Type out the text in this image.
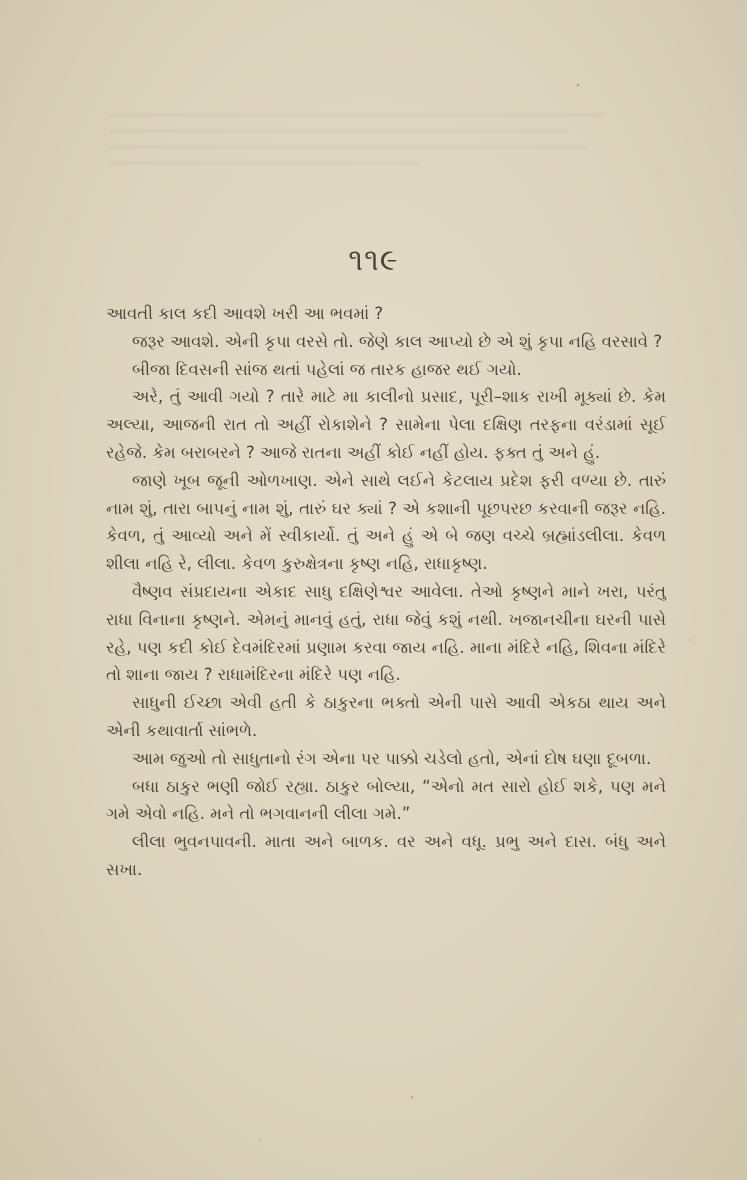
૧૧૯

આવતી કાલ કદી આવશે ખરી આ ભવમાં ?

જરૂર આવશે. એની કૃપા વરસે તો. જેણે કાલ આપ્યો છે એ શું કૃપા નહિ વરસાવે ?

બીજા દિવસની સાંજ થતાં પહેલાં જ તારક હાજર થઈ ગયો.

અરે, તું આવી ગયો ? તારે માટે મા કાલીનો પ્રસાદ, પૂરી–શાક રાખી મૂક્યાં છે. કેમ અલ્યા, આજની રાત તો અહીં રોકાશેને ? સામેના પેલા દક્ષિણ તરફના વરંડામાં સૂઈ રહેજે. કેમ બરાબરને ? આજે રાતના અહીં કોઈ નહીં હોય. ફક્ત તું અને હું.

જાણે ખૂબ જૂની ઓળખાણ. એને સાથે લઈને કેટલાય પ્રદેશ ફરી વળ્યા છે. તારું નામ શું, તારા બાપનું નામ શું, તારું ઘર ક્યાં ? એ કશાની પૂછપરછ કરવાની જરૂર નહિ. કેવળ, તું આવ્યો અને મેં સ્વીકાર્યો. તું અને હું એ બે જણ વચ્ચે બ્રહ્માંડલીલા. કેવળ શીલા નહિ રે, લીલા. કેવળ કુરુક્ષેત્રના કૃષ્ણ નહિ, રાધાકૃષ્ણ.

વૈષ્ણવ સંપ્રદાયના એકાદ સાધુ દક્ષિણેશ્વર આવેલા. તેઓ કૃષ્ણને માને ખરા, પરંતુ રાધા વિનાના કૃષ્ણને. એમનું માનવું હતું, રાધા જેવું કશું નથી. ખજાનચીના ઘરની પાસે રહે, પણ કદી કોઈ દેવમંદિરમાં પ્રણામ કરવા જાય નહિ. માના મંદિરે નહિ, શિવના મંદિરે તો શાના જાય ? રાધામંદિરના મંદિરે પણ નહિ.

સાધુની ઈચ્છા એવી હતી કે ઠાકુરના ભક્તો એની પાસે આવી એકઠા થાય અને એની કથાવાર્તા સાંભળે.

આમ જુઓ તો સાધુતાનો રંગ એના પર પાક્કો ચડેલો હતો, એનાં દોષ ઘણા દૂબળા.

બધા ઠાકુર ભણી જોઈ રહ્યા. ઠાકુર બોલ્યા, “એનો મત સારો હોઈ શકે, પણ મને ગમે એવો નહિ. મને તો ભગવાનની લીલા ગમે.”

લીલા ભુવનપાવની. માતા અને બાળક. વર અને વધૂ. પ્રભુ અને દાસ. બંધુ અને સખા.
